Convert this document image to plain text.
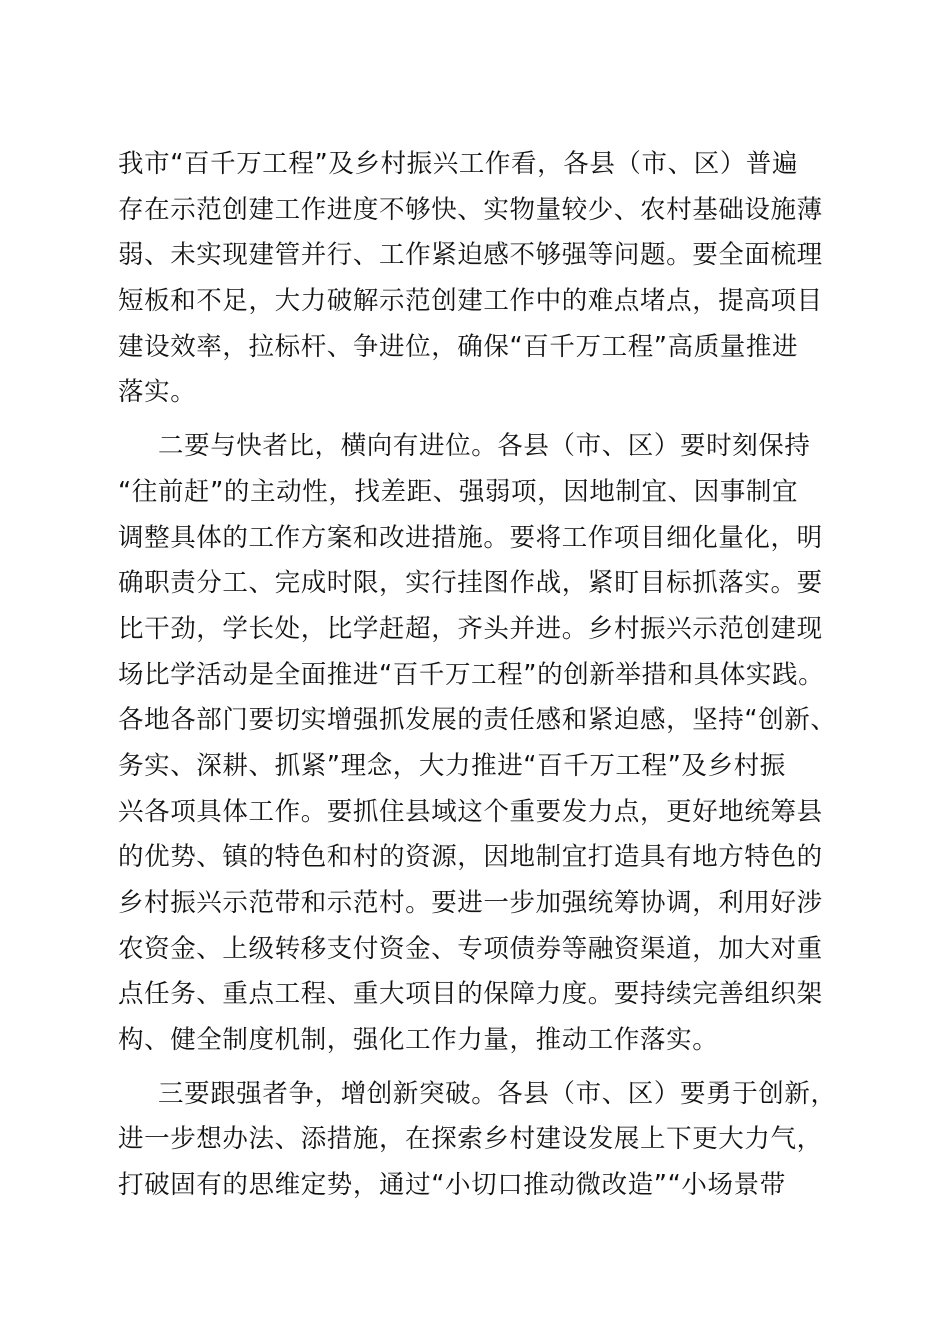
我市“百千万工程”及乡村振兴工作看，各县（市、区）普遍
存在示范创建工作进度不够快、实物量较少、农村基础设施薄
弱、未实现建管并行、工作紧迫感不够强等问题。要全面梳理
短板和不足，大力破解示范创建工作中的难点堵点，提高项目
建设效率，拉标杆、争进位，确保“百千万工程”高质量推进
落实。
二要与快者比，横向有进位。各县（市、区）要时刻保持
“往前赶”的主动性，找差距、强弱项，因地制宜、因事制宜
调整具体的工作方案和改进措施。要将工作项目细化量化，明
确职责分工、完成时限，实行挂图作战，紧盯目标抓落实。要
比干劲，学长处，比学赶超，齐头并进。乡村振兴示范创建现
场比学活动是全面推进“百千万工程”的创新举措和具体实践。
各地各部门要切实增强抓发展的责任感和紧迫感，坚持“创新、
务实、深耕、抓紧”理念，大力推进“百千万工程”及乡村振
兴各项具体工作。要抓住县域这个重要发力点，更好地统筹县
的优势、镇的特色和村的资源，因地制宜打造具有地方特色的
乡村振兴示范带和示范村。要进一步加强统筹协调，利用好涉
农资金、上级转移支付资金、专项债券等融资渠道，加大对重
点任务、重点工程、重大项目的保障力度。要持续完善组织架
构、健全制度机制，强化工作力量，推动工作落实。
三要跟强者争，增创新突破。各县（市、区）要勇于创新，
进一步想办法、添措施，在探索乡村建设发展上下更大力气，
打破固有的思维定势，通过“小切口推动微改造”“小场景带
